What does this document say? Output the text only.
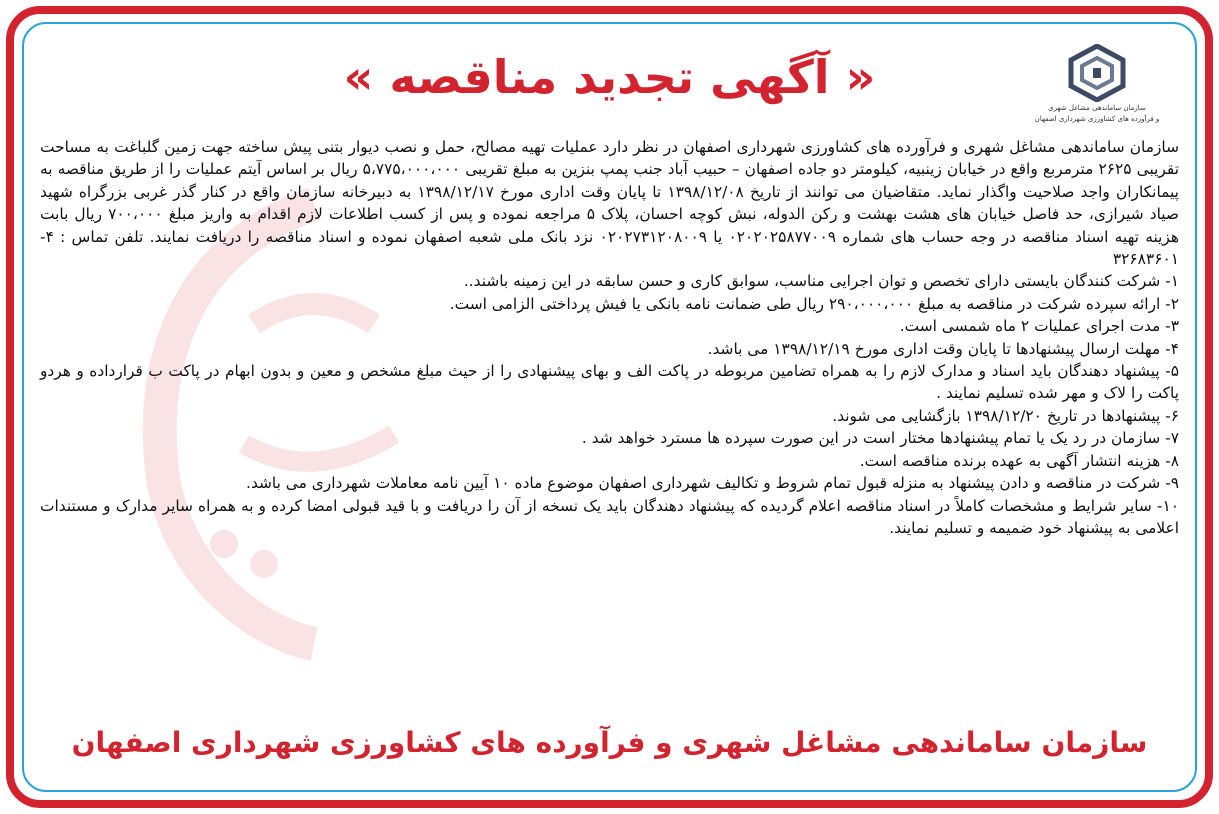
سازمان ساماندهی مشاغل شهری
و فرآورده های کشاورزی شهرداری اصفهان
« آگهی تجدید مناقصه »

سازمان ساماندهی مشاغل شهری و فرآورده های کشاورزی شهرداری اصفهان در نظر دارد عملیات تهیه مصالح، حمل و نصب دیوار بتنی پیش ساخته جهت زمین گلباغت به مساحت تقریبی ۲۶۲۵ مترمربع واقع در خیابان زینبیه، کیلومتر دو جاده اصفهان – حبیب آباد جنب پمپ بنزین به مبلغ تقریبی ۵،۷۷۵،۰۰۰،۰۰۰ ریال بر اساس آیتم عملیات را از طریق مناقصه به پیمانکاران واجد صلاحیت واگذار نماید. متقاضیان می توانند از تاریخ ۱۳۹۸/۱۲/۰۸ تا پایان وقت اداری مورخ ۱۳۹۸/۱۲/۱۷ به دبیرخانه سازمان واقع در کنار گذر غربی بزرگراه شهید صیاد شیرازی، حد فاصل خیابان های هشت بهشت و رکن الدوله، نبش کوچه احسان، پلاک ۵ مراجعه نموده و پس از کسب اطلاعات لازم اقدام به واریز مبلغ ۷۰۰،۰۰۰ ریال بابت هزینه تهیه اسناد مناقصه در وجه حساب های شماره ۰۲۰۲۰۲۵۸۷۷۰۰۹ یا ۰۲۰۲۷۳۱۲۰۸۰۰۹ نزد بانک ملی شعبه اصفهان نموده و اسناد مناقصه را دریافت نمایند. تلفن تماس : ۴- ۳۲۶۸۳۶۰۱

۱- شرکت کنندگان بایستی دارای تخصص و توان اجرایی مناسب، سوابق کاری و حسن سابقه در این زمینه باشند..

۲- ارائه سپرده شرکت در مناقصه به مبلغ ۲۹۰،۰۰۰،۰۰۰ ریال طی ضمانت نامه بانکی یا فیش پرداختی الزامی است.

۳- مدت اجرای عملیات ۲ ماه شمسی است.

۴- مهلت ارسال پیشنهادها تا پایان وقت اداری مورخ ۱۳۹۸/۱۲/۱۹ می باشد.

۵- پیشنهاد دهندگان باید اسناد و مدارک لازم را به همراه تضامین مربوطه در پاکت الف و بهای پیشنهادی را از حیث مبلغ مشخص و معین و بدون ابهام در پاکت ب قرارداده و هردو پاکت را لاک و مهر شده تسلیم نمایند .

۶- پیشنهادها در تاریخ ۱۳۹۸/۱۲/۲۰ بازگشایی می شوند.

۷- سازمان در رد یک یا تمام پیشنهادها مختار است در این صورت سپرده ها مسترد خواهد شد .

۸- هزینه انتشار آگهی به عهده برنده مناقصه است.

۹- شرکت در مناقصه و دادن پیشنهاد به منزله قبول تمام شروط و تکالیف شهرداری اصفهان موضوع ماده ۱۰ آیین نامه معاملات شهرداری می باشد.

۱۰- سایر شرایط و مشخصات کاملاً در اسناد مناقصه اعلام گردیده که پیشنهاد دهندگان باید یک نسخه از آن را دریافت و با قید قبولی امضا کرده و به همراه سایر مدارک و مستندات اعلامی به پیشنهاد خود ضمیمه و تسلیم نمایند.

سازمان ساماندهی مشاغل شهری و فرآورده های کشاورزی شهرداری اصفهان
